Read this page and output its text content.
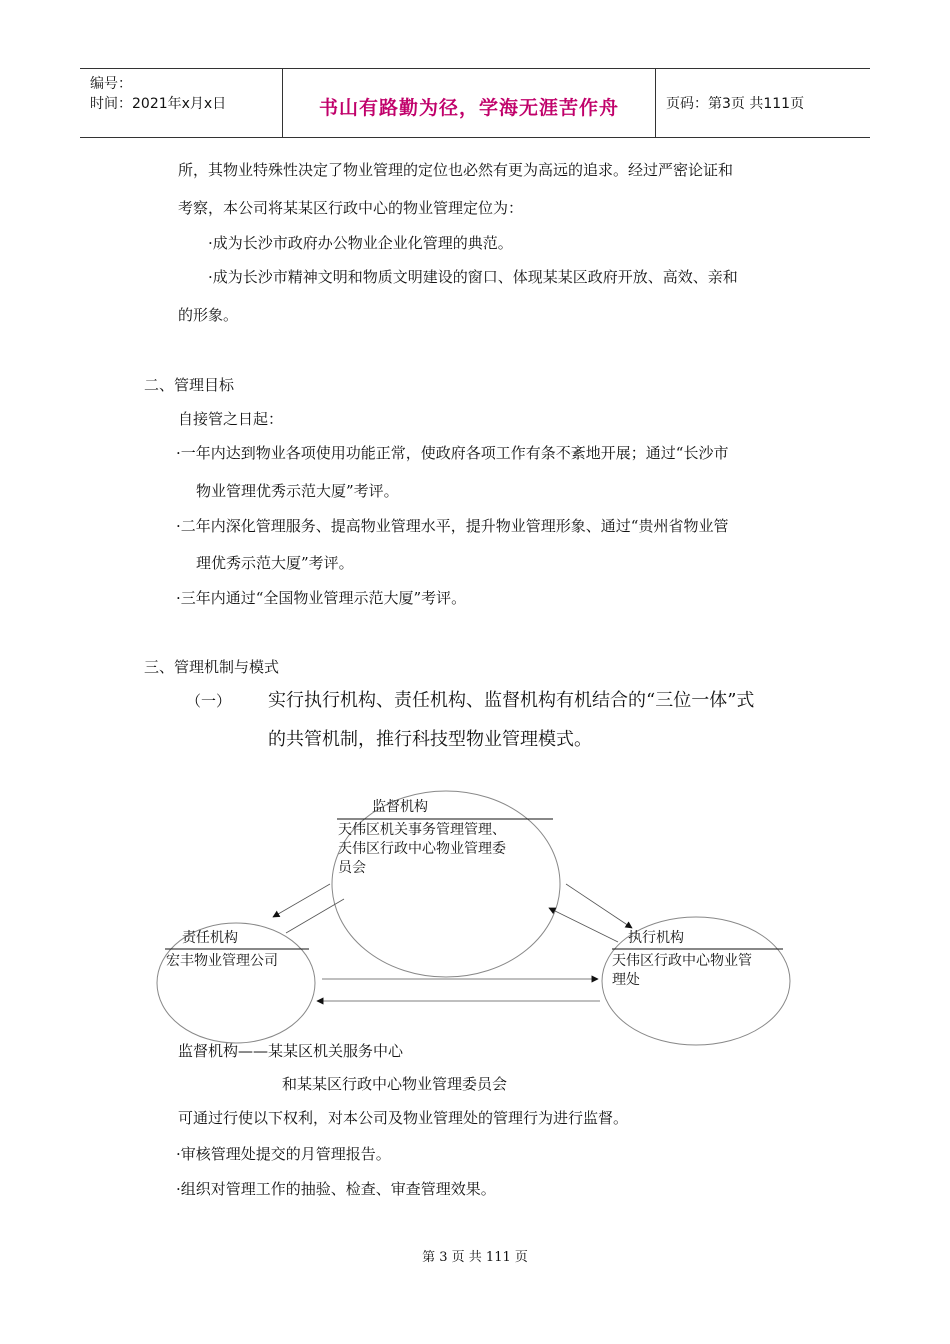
编号：
时间：2021年x月x日	书山有路勤为径，学海无涯苦作舟	页码：第3页 共111页
所，其物业特殊性决定了物业管理的定位也必然有更为高远的追求。经过严密论证和
考察，本公司将某某区行政中心的物业管理定位为：
·成为长沙市政府办公物业企业化管理的典范。
·成为长沙市精神文明和物质文明建设的窗口、体现某某区政府开放、高效、亲和
的形象。
二、管理目标
自接管之日起：
·一年内达到物业各项使用功能正常，使政府各项工作有条不紊地开展；通过“长沙市
物业管理优秀示范大厦”考评。
·二年内深化管理服务、提高物业管理水平，提升物业管理形象、通过“贵州省物业管
理优秀示范大厦”考评。
·三年内通过“全国物业管理示范大厦”考评。
三、管理机制与模式
（一） 实行执行机构、责任机构、监督机构有机结合的“三位一体”式
的共管机制，推行科技型物业管理模式。
监督机构
天伟区机关事务管理管理、
天伟区行政中心物业管理委
员会
责任机构
宏丰物业管理公司
执行机构
天伟区行政中心物业管
理处
监督机构——某某区机关服务中心
和某某区行政中心物业管理委员会
可通过行使以下权利，对本公司及物业管理处的管理行为进行监督。
·审核管理处提交的月管理报告。
·组织对管理工作的抽验、检查、审查管理效果。
第 3 页 共 111 页
